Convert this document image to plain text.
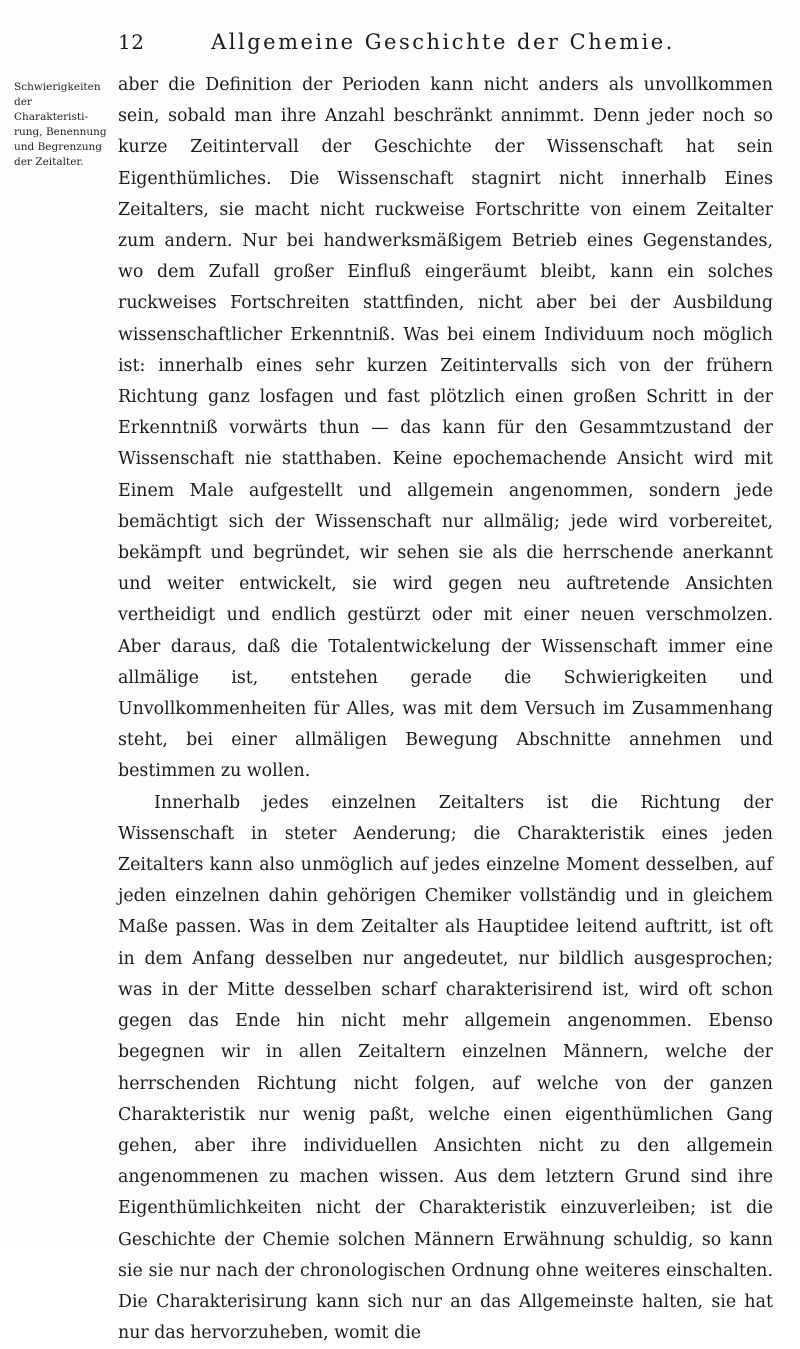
12	Allgemeine Geschichte der Chemie.
Schwierigkeiten
der Charakteristi-
rung, Benennung
und Begrenzung
der Zeitalter.

aber die Definition der Perioden kann nicht anders als unvollkommen sein, sobald man ihre Anzahl beschränkt annimmt. Denn jeder noch so kurze Zeitintervall der Geschichte der Wissenschaft hat sein Eigenthümliches. Die Wissenschaft stagnirt nicht innerhalb Eines Zeitalters, sie macht nicht ruckweise Fortschritte von einem Zeitalter zum andern. Nur bei handwerksmäßigem Betrieb eines Gegenstandes, wo dem Zufall großer Einfluß eingeräumt bleibt, kann ein solches ruckweises Fortschreiten stattfinden, nicht aber bei der Ausbildung wissenschaftlicher Erkenntniß. Was bei einem Individuum noch möglich ist: innerhalb eines sehr kurzen Zeitintervalls sich von der frühern Richtung ganz losfagen und fast plötzlich einen großen Schritt in der Erkenntniß vorwärts thun — das kann für den Gesammtzustand der Wissenschaft nie statthaben. Keine epochemachende Ansicht wird mit Einem Male aufgestellt und allgemein angenommen, sondern jede bemächtigt sich der Wissenschaft nur allmälig; jede wird vorbereitet, bekämpft und begründet, wir sehen sie als die herrschende anerkannt und weiter entwickelt, sie wird gegen neu auftretende Ansichten vertheidigt und endlich gestürzt oder mit einer neuen verschmolzen. Aber daraus, daß die Totalentwickelung der Wissenschaft immer eine allmälige ist, entstehen gerade die Schwierigkeiten und Unvollkommenheiten für Alles, was mit dem Versuch im Zusammenhang steht, bei einer allmäligen Bewegung Abschnitte annehmen und bestimmen zu wollen.

Innerhalb jedes einzelnen Zeitalters ist die Richtung der Wissenschaft in steter Aenderung; die Charakteristik eines jeden Zeitalters kann also unmöglich auf jedes einzelne Moment desselben, auf jeden einzelnen dahin gehörigen Chemiker vollständig und in gleichem Maße passen. Was in dem Zeitalter als Hauptidee leitend auftritt, ist oft in dem Anfang desselben nur angedeutet, nur bildlich ausgesprochen; was in der Mitte desselben scharf charakterisirend ist, wird oft schon gegen das Ende hin nicht mehr allgemein angenommen. Ebenso begegnen wir in allen Zeitaltern einzelnen Männern, welche der herrschenden Richtung nicht folgen, auf welche von der ganzen Charakteristik nur wenig paßt, welche einen eigenthümlichen Gang gehen, aber ihre individuellen Ansichten nicht zu den allgemein angenommenen zu machen wissen. Aus dem letztern Grund sind ihre Eigenthümlichkeiten nicht der Charakteristik einzuverleiben; ist die Geschichte der Chemie solchen Männern Erwähnung schuldig, so kann sie sie nur nach der chronologischen Ordnung ohne weiteres einschalten. Die Charakterisirung kann sich nur an das Allgemeinste halten, sie hat nur das hervorzuheben, womit die
